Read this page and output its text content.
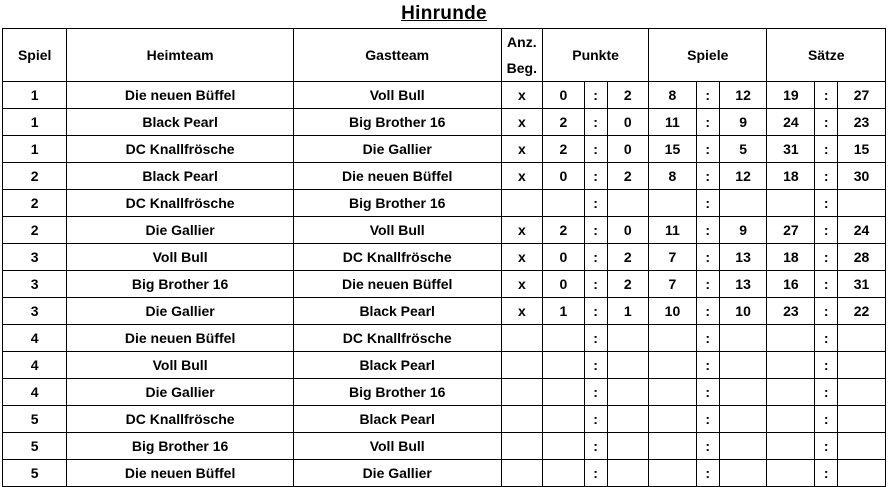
Hinrunde
Spiel	Heimteam	Gastteam	Anz.
Beg.	Punkte			Spiele			Sätze		
1	Die neuen Büffel	Voll Bull	x	0	:	2	8	:	12	19	:	27
1	Black Pearl	Big Brother 16	x	2	:	0	11	:	9	24	:	23
1	DC Knallfrösche	Die Gallier	x	2	:	0	15	:	5	31	:	15
2	Black Pearl	Die neuen Büffel	x	0	:	2	8	:	12	18	:	30
2	DC Knallfrösche	Big Brother 16			:			:			:	
2	Die Gallier	Voll Bull	x	2	:	0	11	:	9	27	:	24
3	Voll Bull	DC Knallfrösche	x	0	:	2	7	:	13	18	:	28
3	Big Brother 16	Die neuen Büffel	x	0	:	2	7	:	13	16	:	31
3	Die Gallier	Black Pearl	x	1	:	1	10	:	10	23	:	22
4	Die neuen Büffel	DC Knallfrösche			:			:			:	
4	Voll Bull	Black Pearl			:			:			:	
4	Die Gallier	Big Brother 16			:			:			:	
5	DC Knallfrösche	Black Pearl			:			:			:	
5	Big Brother 16	Voll Bull			:			:			:	
5	Die neuen Büffel	Die Gallier			:			:			:	
